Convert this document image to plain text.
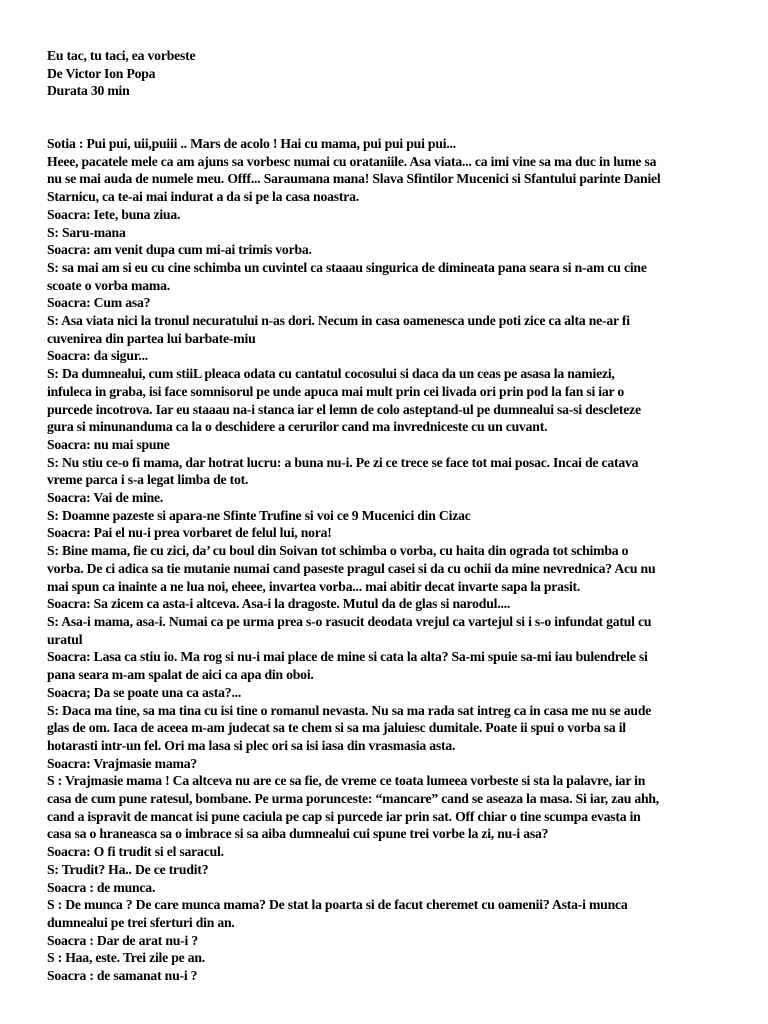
Eu tac, tu taci, ea vorbeste
De Victor Ion Popa
Durata 30 min
Sotia : Pui pui, uii,puiii .. Mars de acolo ! Hai cu mama, pui pui pui pui...
Heee, pacatele mele ca am ajuns sa vorbesc numai cu orataniile. Asa viata... ca imi vine sa ma duc in lume sa
nu se mai auda de numele meu. Offf... Saraumana mana! Slava Sfintilor Mucenici si Sfantului parinte Daniel
Starnicu, ca te-ai mai indurat a da si pe la casa noastra.
Soacra: Iete, buna ziua.
S: Saru-mana
Soacra: am venit dupa cum mi-ai trimis vorba.
S: sa mai am si eu cu cine schimba un cuvintel ca staaau singurica de dimineata pana seara si n-am cu cine
scoate o vorba mama.
Soacra: Cum asa?
S: Asa viata nici la tronul necuratului n-as dori. Necum in casa oamenesca unde poti zice ca alta ne-ar fi
cuvenirea din partea lui barbate-miu
Soacra: da sigur...
S: Da dumnealui, cum stiiL pleaca odata cu cantatul cocosului si daca da un ceas pe asasa la namiezi,
infuleca in graba, isi face somnisorul pe unde apuca mai mult prin cei livada ori prin pod la fan si iar o
purcede incotrova. Iar eu staaau na-i stanca iar el lemn de colo asteptand-ul pe dumnealui sa-si descleteze
gura si minunanduma ca la o deschidere a cerurilor cand ma invredniceste cu un cuvant.
Soacra: nu mai spune
S: Nu stiu ce-o fi mama, dar hotrat lucru: a buna nu-i. Pe zi ce trece se face tot mai posac. Incai de catava
vreme parca i s-a legat limba de tot.
Soacra: Vai de mine.
S: Doamne pazeste si apara-ne Sfinte Trufine si voi ce 9 Mucenici din Cizac
Soacra: Pai el nu-i prea vorbaret de felul lui, nora!
S: Bine mama, fie cu zici, da’ cu boul din Soivan tot schimba o vorba, cu haita din ograda tot schimba o
vorba. De ci adica sa tie mutanie numai cand paseste pragul casei si da cu ochii da mine nevrednica? Acu nu
mai spun ca inainte a ne lua noi, eheee, invartea vorba... mai abitir decat invarte sapa la prasit.
Soacra: Sa zicem ca asta-i altceva. Asa-i la dragoste. Mutul da de glas si narodul....
S: Asa-i mama, asa-i. Numai ca pe urma prea s-o rasucit deodata vrejul ca vartejul si i s-o infundat gatul cu
uratul
Soacra: Lasa ca stiu io. Ma rog si nu-i mai place de mine si cata la alta? Sa-mi spuie sa-mi iau bulendrele si
pana seara m-am spalat de aici ca apa din oboi.
Soacra; Da se poate una ca asta?...
S: Daca ma tine, sa ma tina cu isi tine o romanul nevasta. Nu sa ma rada sat intreg ca in casa me nu se aude
glas de om. Iaca de aceea m-am judecat sa te chem si sa ma jaluiesc dumitale. Poate ii spui o vorba sa il
hotarasti intr-un fel. Ori ma lasa si plec ori sa isi iasa din vrasmasia asta.
Soacra: Vrajmasie mama?
S : Vrajmasie mama ! Ca altceva nu are ce sa fie, de vreme ce toata lumeea vorbeste si sta la palavre, iar in
casa de cum pune ratesul, bombane. Pe urma porunceste: “mancare” cand se aseaza la masa. Si iar, zau ahh,
cand a ispravit de mancat isi pune caciula pe cap si purcede iar prin sat. Off chiar o tine scumpa evasta in
casa sa o hraneasca sa o imbrace si sa aiba dumnealui cui spune trei vorbe la zi, nu-i asa?
Soacra: O fi trudit si el saracul.
S: Trudit? Ha.. De ce trudit?
Soacra : de munca.
S : De munca ? De care munca mama? De stat la poarta si de facut cheremet cu oamenii? Asta-i munca
dumnealui pe trei sferturi din an.
Soacra : Dar de arat nu-i ?
S : Haa, este. Trei zile pe an.
Soacra : de samanat nu-i ?
